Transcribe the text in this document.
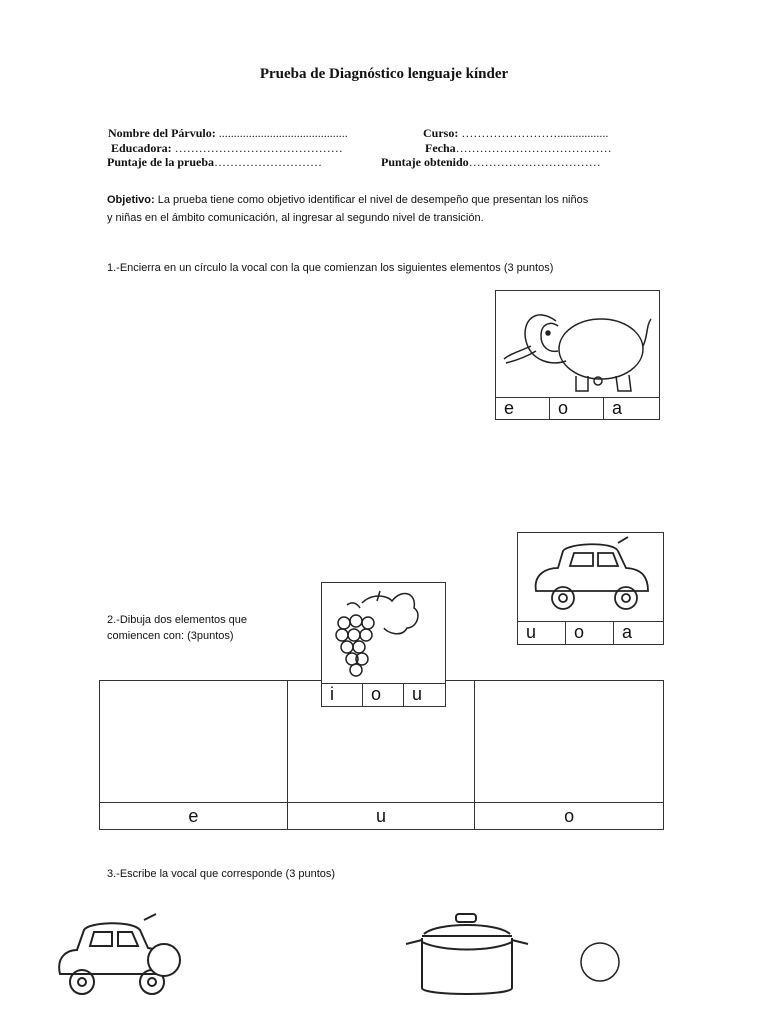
Prueba de Diagnóstico lenguaje kínder
Nombre del Párvulo: ...........................................	Curso: …………………….................
Educadora: ……………………………………	Fecha…………………………………
Puntaje de la prueba………………………	Puntaje obtenido……………………………
Objetivo: La prueba tiene como objetivo identificar el nivel de desempeño que presentan los niños
y niñas en el ámbito comunicación, al ingresar al segundo nivel de transición.
1.-Encierra en un círculo la vocal con la que comienzan los siguientes elementos (3 puntos)
e	o	a
u	o	a
2.-Dibuja dos elementos que
comiencen con: (3puntos)

e	u	o
i	o	u
3.-Escribe la vocal que corresponde (3 puntos)
